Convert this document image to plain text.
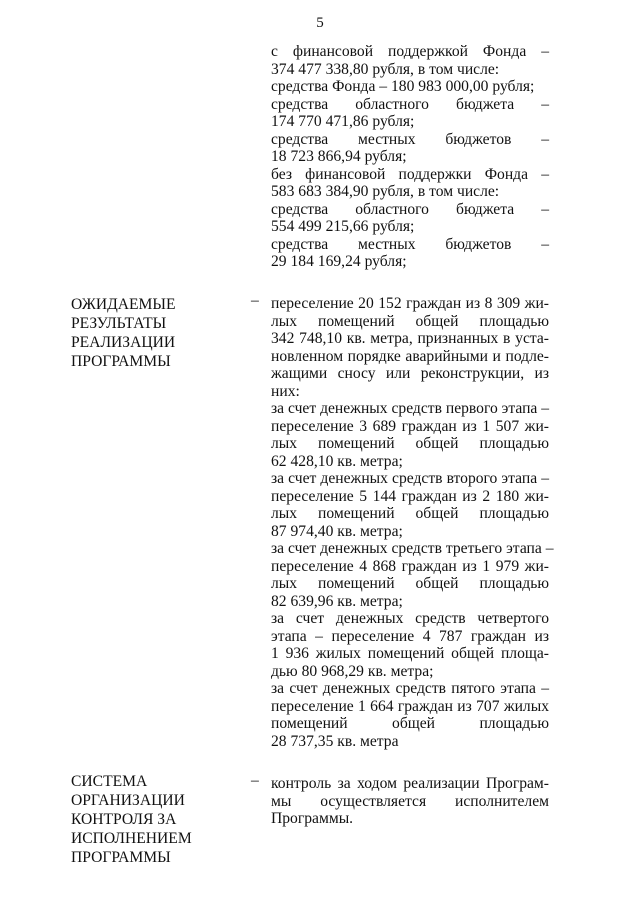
5
с финансовой поддержкой Фонда –
374 477 338,80 рубля, в том числе:
средства Фонда – 180 983 000,00 рубля;
средства областного бюджета –
174 770 471,86 рубля;
средства местных бюджетов –
18 723 866,94 рубля;
без финансовой поддержки Фонда –
583 683 384,90 рубля, в том числе:
средства областного бюджета –
554 499 215,66 рубля;
средства местных бюджетов –
29 184 169,24 рубля;
ОЖИДАЕМЫЕ
РЕЗУЛЬТАТЫ
РЕАЛИЗАЦИИ
ПРОГРАММЫ
– переселение 20 152 граждан из 8 309 жи-
лых помещений общей площадью
342 748,10 кв. метра, признанных в уста-
новленном порядке аварийными и подле-
жащими сносу или реконструкции, из
них:
за счет денежных средств первого этапа –
переселение 3 689 граждан из 1 507 жи-
лых помещений общей площадью
62 428,10 кв. метра;
за счет денежных средств второго этапа –
переселение 5 144 граждан из 2 180 жи-
лых помещений общей площадью
87 974,40 кв. метра;
за счет денежных средств третьего этапа –
переселение 4 868 граждан из 1 979 жи-
лых помещений общей площадью
82 639,96 кв. метра;
за счет денежных средств четвертого
этапа – переселение 4 787 граждан из
1 936 жилых помещений общей площа-
дью 80 968,29 кв. метра;
за счет денежных средств пятого этапа –
переселение 1 664 граждан из 707 жилых
помещений общей площадью
28 737,35 кв. метра
СИСТЕМА
ОРГАНИЗАЦИИ
КОНТРОЛЯ ЗА
ИСПОЛНЕНИЕМ
ПРОГРАММЫ
– контроль за ходом реализации Програм-
мы осуществляется исполнителем
Программы.
